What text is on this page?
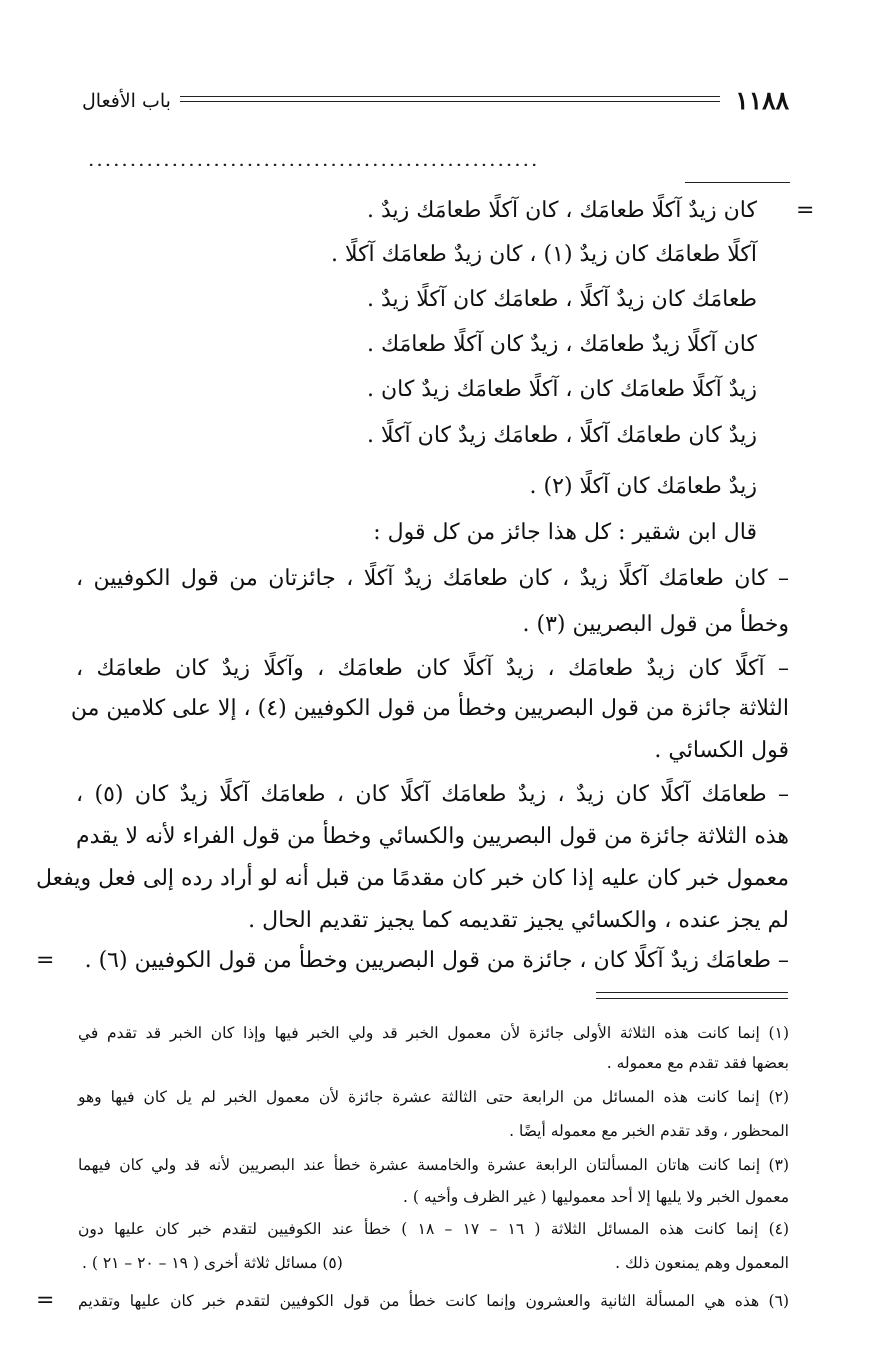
١١٨٨
باب الأفعال
......................................................
=
=
=
كان زيدٌ آكلًا طعامَك ، كان آكلًا طعامَك زيدٌ .
آكلًا طعامَك كان زيدٌ (١) ، كان زيدٌ طعامَك آكلًا .
طعامَك كان زيدٌ آكلًا ، طعامَك كان آكلًا زيدٌ .
كان آكلًا زيدٌ طعامَك ، زيدٌ كان آكلًا طعامَك .
زيدٌ آكلًا طعامَك كان ، آكلًا طعامَك زيدٌ كان .
زيدٌ كان طعامَك آكلًا ، طعامَك زيدٌ كان آكلًا .
زيدٌ طعامَك كان آكلًا (٢) .
قال ابن شقير : كل هذا جائز من كل قول :
– كان طعامَك آكلًا زيدٌ ، كان طعامَك زيدٌ آكلًا ، جائزتان من قول الكوفيين ،
وخطأ من قول البصريين (٣) .
– آكلًا كان زيدٌ طعامَك ، زيدٌ آكلًا كان طعامَك ، وآكلًا زيدٌ كان طعامَك ،
الثلاثة جائزة من قول البصريين وخطأ من قول الكوفيين (٤) ، إلا على كلامين من
قول الكسائي .
– طعامَك آكلًا كان زيدٌ ، زيدٌ طعامَك آكلًا كان ، طعامَك آكلًا زيدٌ كان (٥) ،
هذه الثلاثة جائزة من قول البصريين والكسائي وخطأ من قول الفراء لأنه لا يقدم
معمول خبر كان عليه إذا كان خبر كان مقدمًا من قبل أنه لو أراد رده إلى فعل ويفعل
لم يجز عنده ، والكسائي يجيز تقديمه كما يجيز تقديم الحال .
– طعامَك زيدٌ آكلًا كان ، جائزة من قول البصريين وخطأ من قول الكوفيين (٦) .
(١) إنما كانت هذه الثلاثة الأولى جائزة لأن معمول الخبر قد ولي الخبر فيها وإذا كان الخبر قد تقدم في
بعضها فقد تقدم مع معموله .
(٢) إنما كانت هذه المسائل من الرابعة حتى الثالثة عشرة جائزة لأن معمول الخبر لم يل كان فيها وهو
المحظور ، وقد تقدم الخبر مع معموله أيضًا .
(٣) إنما كانت هاتان المسألتان الرابعة عشرة والخامسة عشرة خطأ عند البصريين لأنه قد ولي كان فيهما
معمول الخبر ولا يليها إلا أحد معموليها ( غير الظرف وأخيه ) .
(٤) إنما كانت هذه المسائل الثلاثة ( ١٦ – ١٧ – ١٨ ) خطأ عند الكوفيين لتقدم خبر كان عليها دون
المعمول وهم يمنعون ذلك .
(٥) مسائل ثلاثة أخرى ( ١٩ – ٢٠ – ٢١ ) .
(٦) هذه هي المسألة الثانية والعشرون وإنما كانت خطأ من قول الكوفيين لتقدم خبر كان عليها وتقديم
